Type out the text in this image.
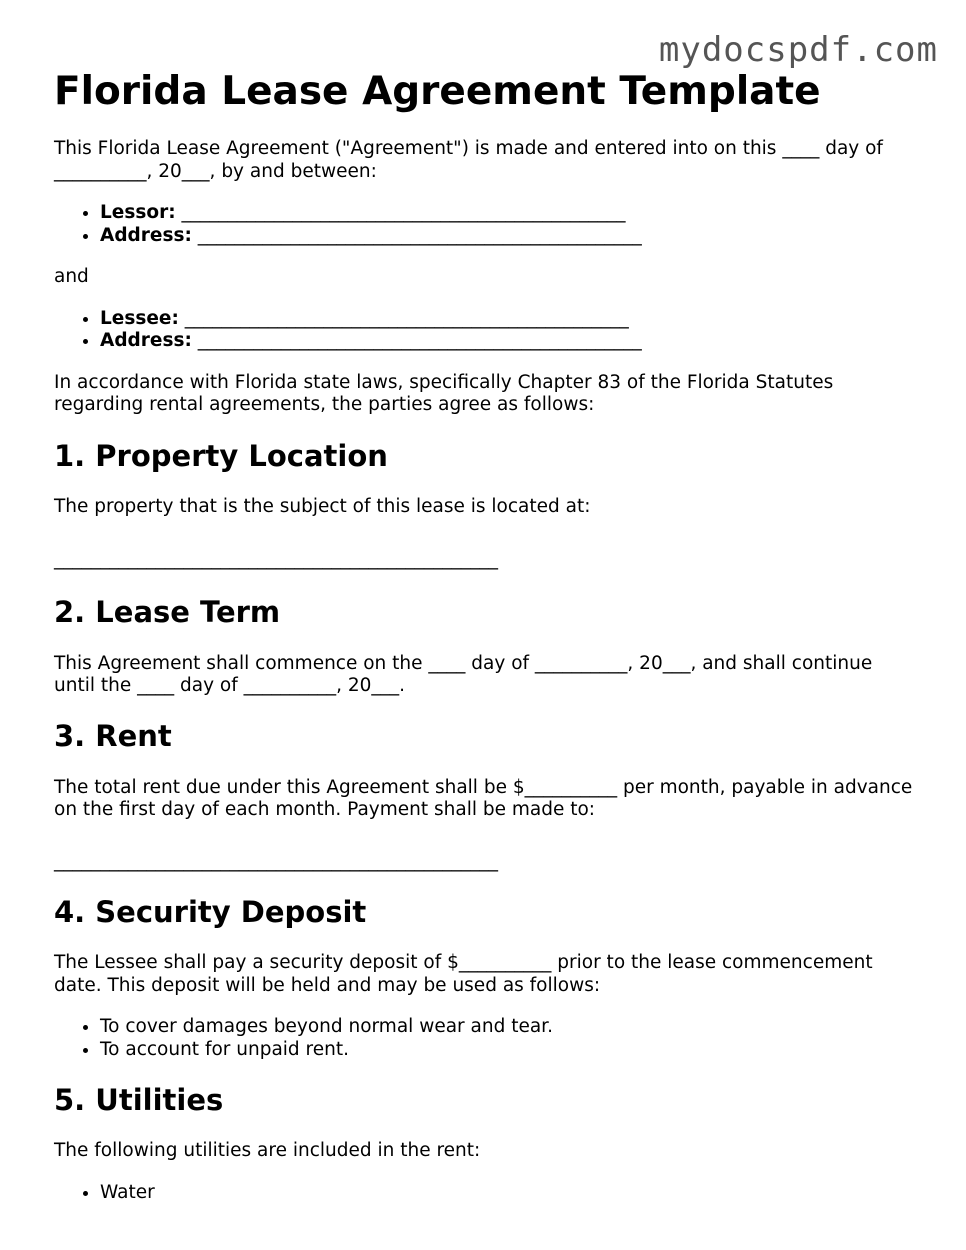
mydocspdf.com
Florida Lease Agreement Template

This Florida Lease Agreement ("Agreement") is made and entered into on this ____ day of __________, 20___, by and between:

• Lessor: ________________________________________________
• Address: ________________________________________________

and

• Lessee: ________________________________________________
• Address: ________________________________________________

In accordance with Florida state laws, specifically Chapter 83 of the Florida Statutes regarding rental agreements, the parties agree as follows:

1. Property Location

The property that is the subject of this lease is located at:

________________________________________________
2. Lease Term

This Agreement shall commence on the ____ day of __________, 20___, and shall continue until the ____ day of __________, 20___.

3. Rent

The total rent due under this Agreement shall be $__________ per month, payable in advance on the first day of each month. Payment shall be made to:

________________________________________________
4. Security Deposit

The Lessee shall pay a security deposit of $__________ prior to the lease commencement date. This deposit will be held and may be used as follows:

• To cover damages beyond normal wear and tear.
• To account for unpaid rent.
5. Utilities

The following utilities are included in the rent:

• Water
